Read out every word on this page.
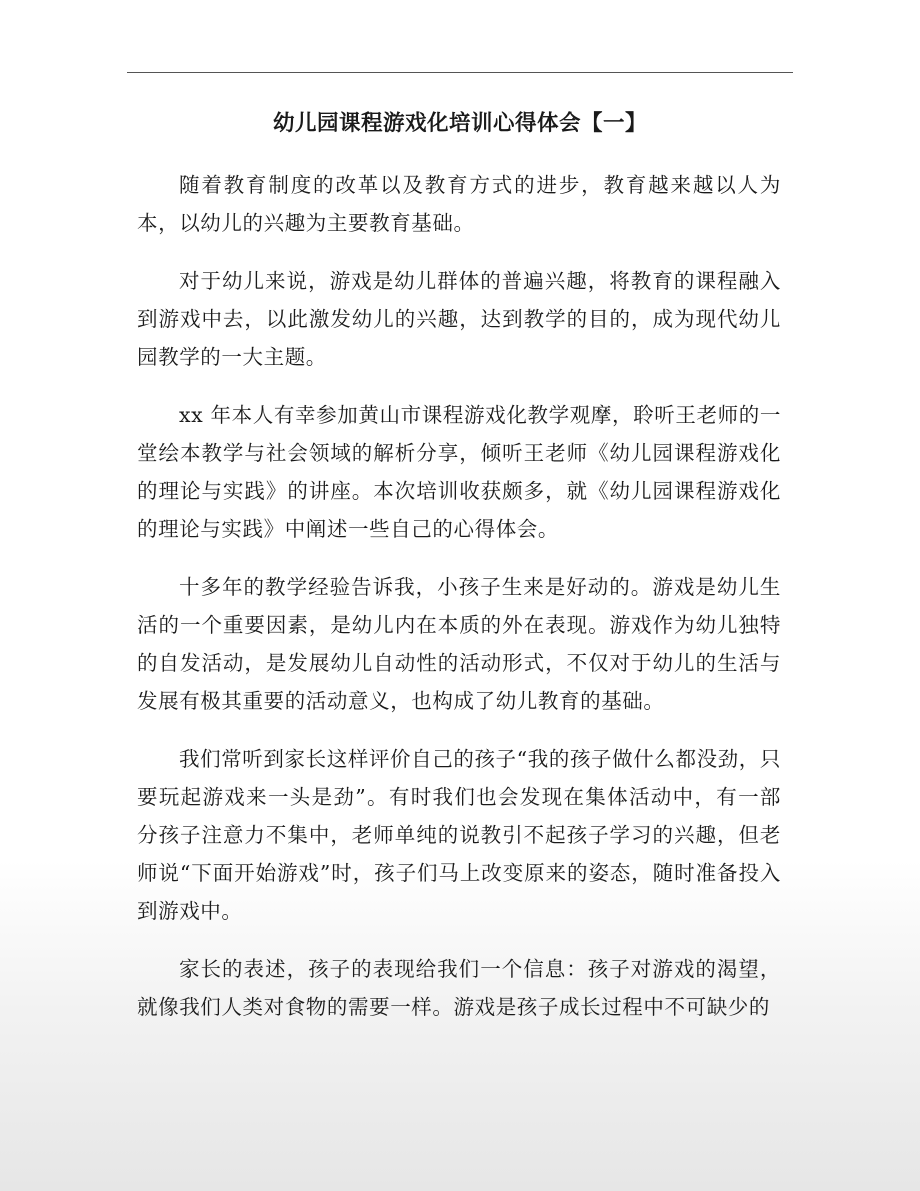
幼儿园课程游戏化培训心得体会【一】

随着教育制度的改革以及教育方式的进步，教育越来越以人为本，以幼儿的兴趣为主要教育基础。

对于幼儿来说，游戏是幼儿群体的普遍兴趣，将教育的课程融入到游戏中去，以此激发幼儿的兴趣，达到教学的目的，成为现代幼儿园教学的一大主题。

xx 年本人有幸参加黄山市课程游戏化教学观摩，聆听王老师的一堂绘本教学与社会领域的解析分享，倾听王老师《幼儿园课程游戏化的理论与实践》的讲座。本次培训收获颇多，就《幼儿园课程游戏化的理论与实践》中阐述一些自己的心得体会。

十多年的教学经验告诉我，小孩子生来是好动的。游戏是幼儿生活的一个重要因素，是幼儿内在本质的外在表现。游戏作为幼儿独特的自发活动，是发展幼儿自动性的活动形式，不仅对于幼儿的生活与发展有极其重要的活动意义，也构成了幼儿教育的基础。

我们常听到家长这样评价自己的孩子“我的孩子做什么都没劲，只要玩起游戏来一头是劲”。有时我们也会发现在集体活动中，有一部分孩子注意力不集中，老师单纯的说教引不起孩子学习的兴趣，但老师说“下面开始游戏”时，孩子们马上改变原来的姿态，随时准备投入到游戏中。

家长的表述，孩子的表现给我们一个信息：孩子对游戏的渴望，就像我们人类对食物的需要一样。游戏是孩子成长过程中不可缺少的
